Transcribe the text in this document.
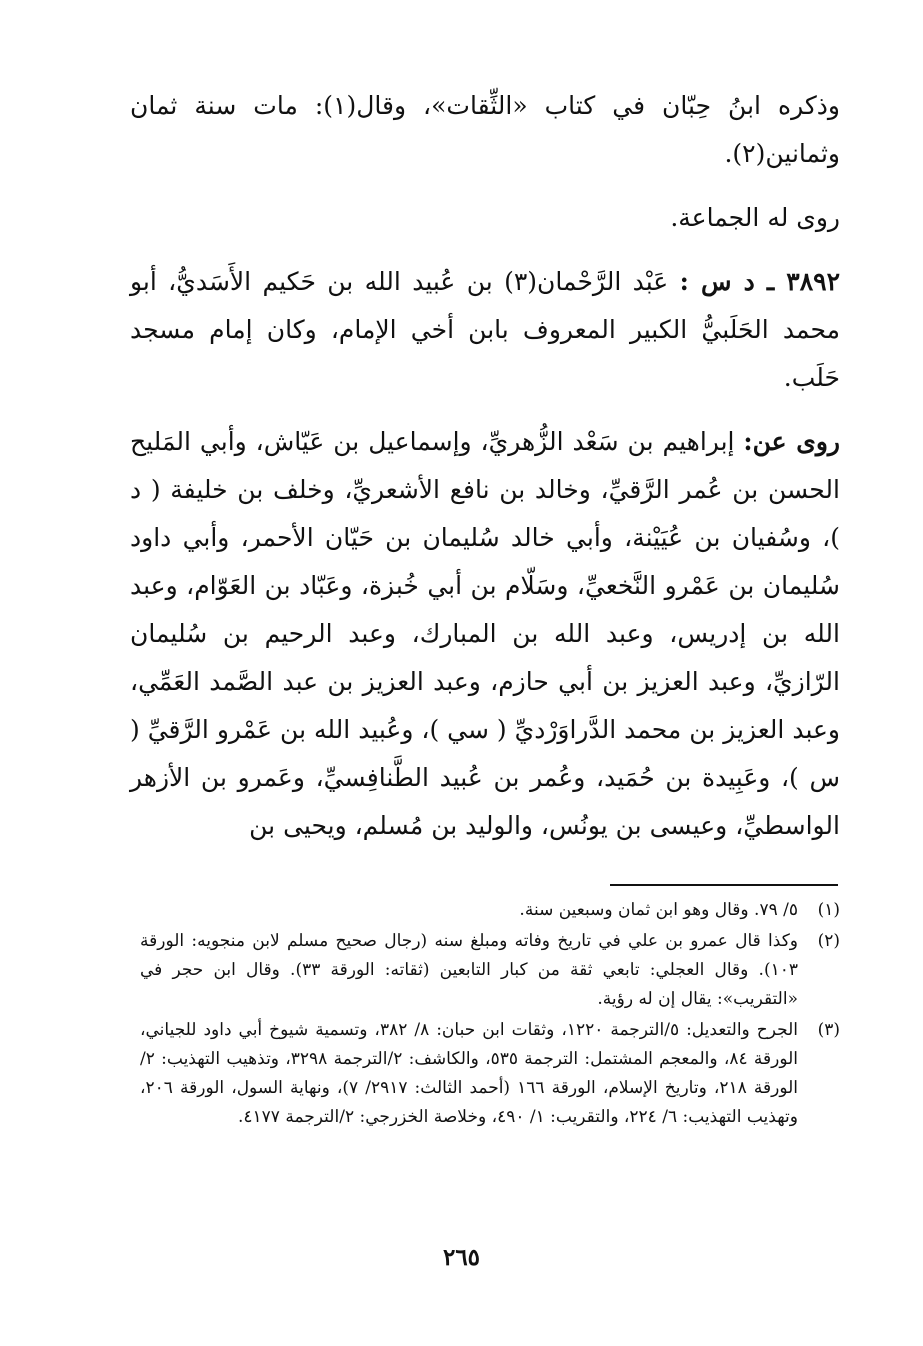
وذكره ابنُ حِبّان في كتاب «الثِّقات»، وقال(١): مات سنة ثمان وثمانين(٢).

روى له الجماعة.

٣٨٩٢ ـ د س : عَبْد الرَّحْمان(٣) بن عُبيد الله بن حَكيم الأَسَديُّ، أبو محمد الحَلَبيُّ الكبير المعروف بابن أخي الإمام، وكان إمام مسجد حَلَب.

روى عن: إبراهيم بن سَعْد الزُّهريِّ، وإسماعيل بن عَيّاش، وأبي المَليح الحسن بن عُمر الرَّقيِّ، وخالد بن نافع الأشعريِّ، وخلف بن خليفة ( د )، وسُفيان بن عُيَيْنة، وأبي خالد سُليمان بن حَيّان الأحمر، وأبي داود سُليمان بن عَمْرو النَّخعيِّ، وسَلّام بن أبي خُبزة، وعَبّاد بن العَوّام، وعبد الله بن إدريس، وعبد الله بن المبارك، وعبد الرحيم بن سُليمان الرّازيِّ، وعبد العزيز بن أبي حازم، وعبد العزيز بن عبد الصَّمد العَمِّي، وعبد العزيز بن محمد الدَّراوَرْديِّ ( سي )، وعُبيد الله بن عَمْرو الرَّقيِّ ( س )، وعَبِيدة بن حُمَيد، وعُمر بن عُبيد الطَّنافِسيِّ، وعَمرو بن الأزهر الواسطيِّ، وعيسى بن يونُس، والوليد بن مُسلم، ويحيى بن

(١)
٥/ ٧٩. وقال وهو ابن ثمان وسبعين سنة.
(٢)
وكذا قال عمرو بن علي في تاريخ وفاته ومبلغ سنه (رجال صحيح مسلم لابن منجويه: الورقة ١٠٣). وقال العجلي: تابعي ثقة من كبار التابعين (ثقاته: الورقة ٣٣). وقال ابن حجر في «التقريب»: يقال إن له رؤية.
(٣)
الجرح والتعديل: ٥/الترجمة ١٢٢٠، وثقات ابن حبان: ٨/ ٣٨٢، وتسمية شيوخ أبي داود للجياني، الورقة ٨٤، والمعجم المشتمل: الترجمة ٥٣٥، والكاشف: ٢/الترجمة ٣٢٩٨، وتذهيب التهذيب: ٢/الورقة ٢١٨، وتاريخ الإسلام، الورقة ١٦٦ (أحمد الثالث: ٢٩١٧/ ٧)، ونهاية السول، الورقة ٢٠٦، وتهذيب التهذيب: ٦/ ٢٢٤، والتقريب: ١/ ٤٩٠، وخلاصة الخزرجي: ٢/الترجمة ٤١٧٧.
٢٦٥
